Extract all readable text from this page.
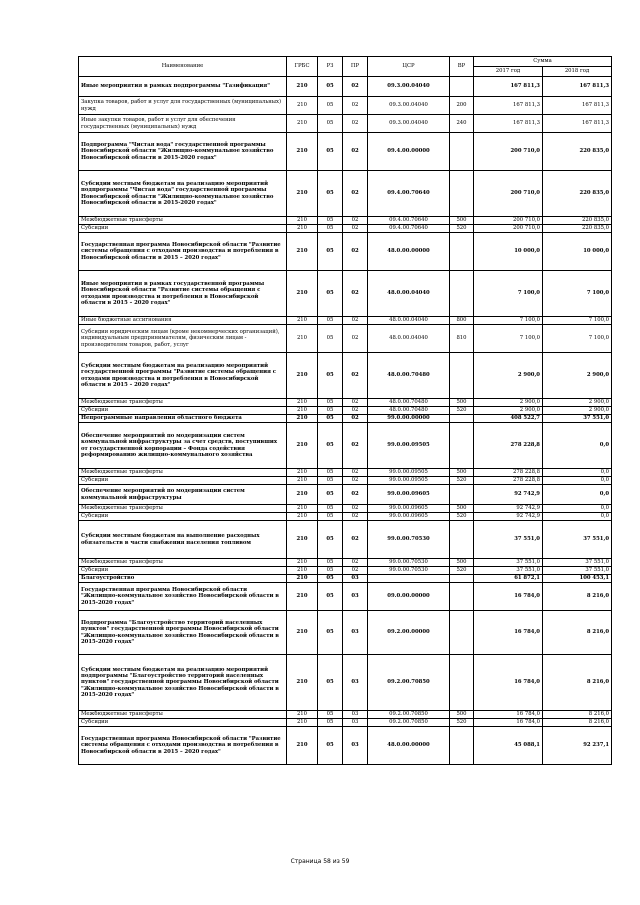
Наименование	ГРБС	РЗ	ПР	ЦСР	ВР	Сумма	
						2017 год	2018 год
Иные мероприятия в рамках подпрограммы "Газификация"	210	05	02	09.3.00.04040		167 811,3	167 811,3
Закупка товаров, работ и услуг для государственных (муниципальных) нужд	210	05	02	09.3.00.04040	200	167 811,3	167 811,3
Иные закупки товаров, работ и услуг для обеспечения государственных (муниципальных) нужд	210	05	02	09.3.00.04040	240	167 811,3	167 811,3
Подпрограмма "Чистая вода" государственной программы Новосибирской области "Жилищно-коммунальное хозяйство Новосибирской области в 2015-2020 годах"	210	05	02	09.4.00.00000		200 710,0	220 835,0
Субсидии местным бюджетам на реализацию мероприятий подпрограммы "Чистая вода" государственной программы Новосибирской области "Жилищно-коммунальное хозяйство Новосибирской области в 2015-2020 годах"	210	05	02	09.4.00.70640		200 710,0	220 835,0
Межбюджетные трансферты	210	05	02	09.4.00.70640	500	200 710,0	220 835,0
Субсидии	210	05	02	09.4.00.70640	520	200 710,0	220 835,0
Государственная программа Новосибирской области "Развитие системы обращения с отходами производства и потребления в Новосибирской области в 2015 – 2020 годах"	210	05	02	48.0.00.00000		10 000,0	10 000,0
Иные мероприятия в рамках государственной программы Новосибирской области "Развитие системы обращения с отходами производства и потребления в Новосибирской области в 2015 – 2020 годах"	210	05	02	48.0.00.04040		7 100,0	7 100,0
Иные бюджетные ассигнования	210	05	02	48.0.00.04040	800	7 100,0	7 100,0
Субсидии юридическим лицам (кроме некоммерческих организаций), индивидуальным предпринимателям, физическим лицам - производителям товаров, работ, услуг	210	05	02	48.0.00.04040	810	7 100,0	7 100,0
Субсидии местным бюджетам на реализацию мероприятий государственной программы "Развитие системы обращения с отходами производства и потребления в Новосибирской области в 2015 – 2020 годах"	210	05	02	48.0.00.70480		2 900,0	2 900,0
Межбюджетные трансферты	210	05	02	48.0.00.70480	500	2 900,0	2 900,0
Субсидии	210	05	02	48.0.00.70480	520	2 900,0	2 900,0
Непрограммные направления областного бюджета	210	05	02	99.0.00.00000		408 522,7	37 551,0
Обеспечение мероприятий по модернизации систем коммунальной инфраструктуры за счет средств, поступивших от государственной корпорации – Фонда содействия реформированию жилищно-коммунального хозяйства	210	05	02	99.0.00.09505		278 228,8	0,0
Межбюджетные трансферты	210	05	02	99.0.00.09505	500	278 228,8	0,0
Субсидии	210	05	02	99.0.00.09505	520	278 228,8	0,0
Обеспечение мероприятий по модернизации систем коммунальной инфраструктуры	210	05	02	99.0.00.09605		92 742,9	0,0
Межбюджетные трансферты	210	05	02	99.0.00.09605	500	92 742,9	0,0
Субсидии	210	05	02	99.0.00.09605	520	92 742,9	0,0
Субсидии местным бюджетам на выполнение расходных обязательств в части снабжения населения топливом	210	05	02	99.0.00.70530		37 551,0	37 551,0
Межбюджетные трансферты	210	05	02	99.0.00.70530	500	37 551,0	37 551,0
Субсидии	210	05	02	99.0.00.70530	520	37 551,0	37 551,0
Благоустройство	210	05	03			61 872,1	100 453,1
Государственная программа Новосибирской области "Жилищно-коммунальное хозяйство Новосибирской области в 2015-2020 годах"	210	05	03	09.0.00.00000		16 784,0	8 216,0
Подпрограмма "Благоустройство территорий населенных пунктов" государственной программы Новосибирской области "Жилищно-коммунальное хозяйство Новосибирской области в 2015-2020 годах"	210	05	03	09.2.00.00000		16 784,0	8 216,0
Субсидии местным бюджетам на реализацию мероприятий подпрограммы "Благоустройство территорий населенных пунктов" государственной программы Новосибирской области "Жилищно-коммунальное хозяйство Новосибирской области в 2015-2020 годах"	210	05	03	09.2.00.70850		16 784,0	8 216,0
Межбюджетные трансферты	210	05	03	09.2.00.70850	500	16 784,0	8 216,0
Субсидии	210	05	03	09.2.00.70850	520	16 784,0	8 216,0
Государственная программа Новосибирской области "Развитие системы обращения с отходами производства и потребления в Новосибирской области в 2015 – 2020 годах"	210	05	03	48.0.00.00000		45 088,1	92 237,1
Страница 58 из 59
